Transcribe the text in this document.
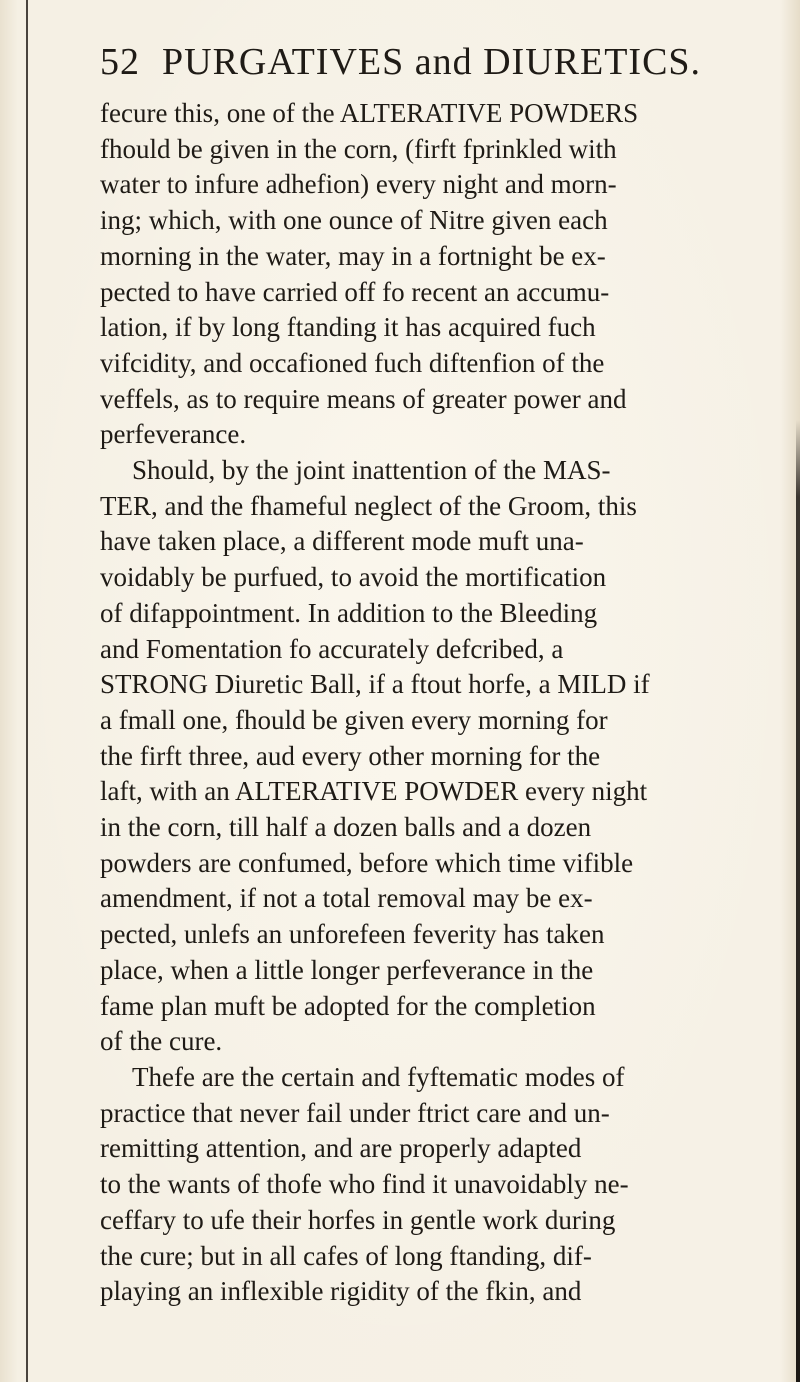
52 PURGATIVES and DIURETICS.

fecure this, one of the ALTERATIVE POWDERS
fhould be given in the corn, (firft fprinkled with
water to infure adhefion) every night and morn-
ing; which, with one ounce of Nitre given each
morning in the water, may in a fortnight be ex-
pected to have carried off fo recent an accumu-
lation, if by long ftanding it has acquired fuch
vifcidity, and occafioned fuch diftenfion of the
veffels, as to require means of greater power and
perfeverance.

Should, by the joint inattention of the MAS-
TER, and the fhameful neglect of the Groom, this
have taken place, a different mode muft una-
voidably be purfued, to avoid the mortification
of difappointment. In addition to the Bleeding
and Fomentation fo accurately defcribed, a
STRONG Diuretic Ball, if a ftout horfe, a MILD if
a fmall one, fhould be given every morning for
the firft three, aud every other morning for the
laft, with an ALTERATIVE POWDER every night
in the corn, till half a dozen balls and a dozen
powders are confumed, before which time vifible
amendment, if not a total removal may be ex-
pected, unlefs an unforefeen feverity has taken
place, when a little longer perfeverance in the
fame plan muft be adopted for the completion
of the cure.

Thefe are the certain and fyftematic modes of
practice that never fail under ftrict care and un-
remitting attention, and are properly adapted
to the wants of thofe who find it unavoidably ne-
ceffary to ufe their horfes in gentle work during
the cure; but in all cafes of long ftanding, dif-
playing an inflexible rigidity of the fkin, and
